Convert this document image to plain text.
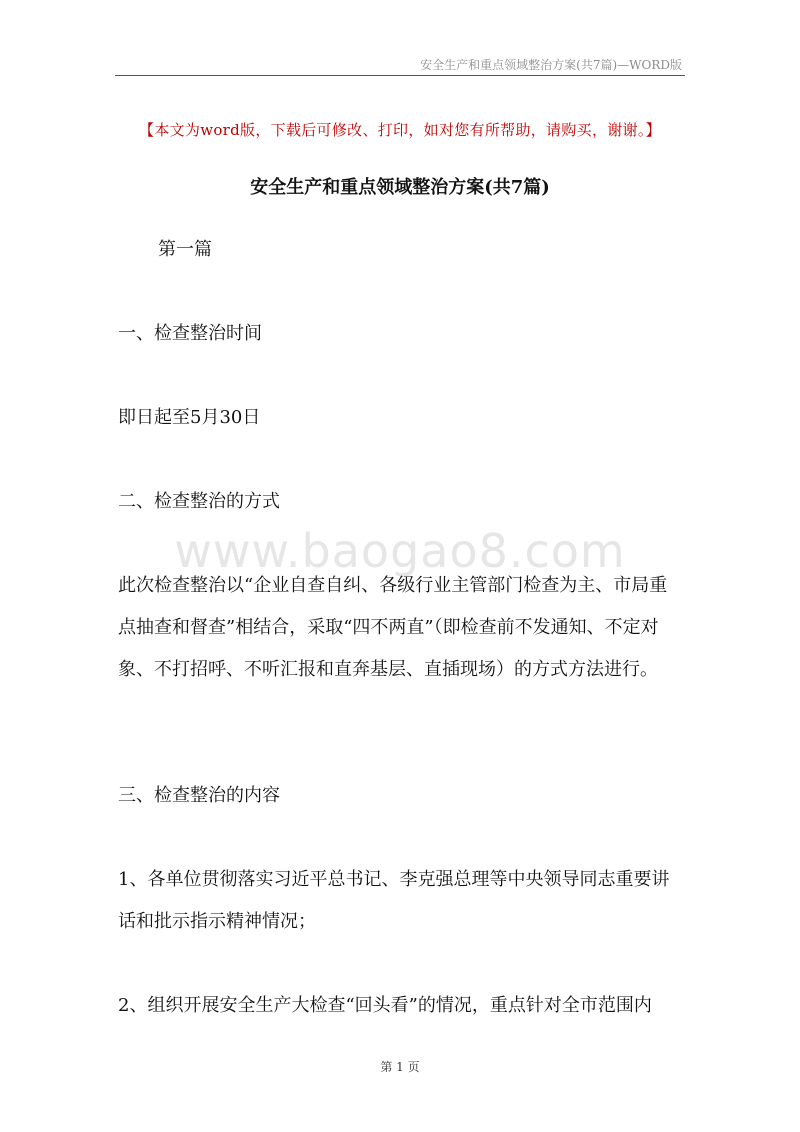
安全生产和重点领域整治方案(共7篇)—WORD版
【本文为word版，下载后可修改、打印，如对您有所帮助，请购买，谢谢。】
安全生产和重点领域整治方案(共7篇)
第一篇
一、检查整治时间
即日起至5月30日
二、检查整治的方式
www.baogao8.com
此次检查整治以“企业自查自纠、各级行业主管部门检查为主、市局重点抽查和督查”相结合，采取“四不两直”（即检查前不发通知、不定对象、不打招呼、不听汇报和直奔基层、直插现场）的方式方法进行。
三、检查整治的内容
1、各单位贯彻落实习近平总书记、李克强总理等中央领导同志重要讲话和批示指示精神情况；
2、组织开展安全生产大检查“回头看”的情况，重点针对全市范围内
第 1 页
